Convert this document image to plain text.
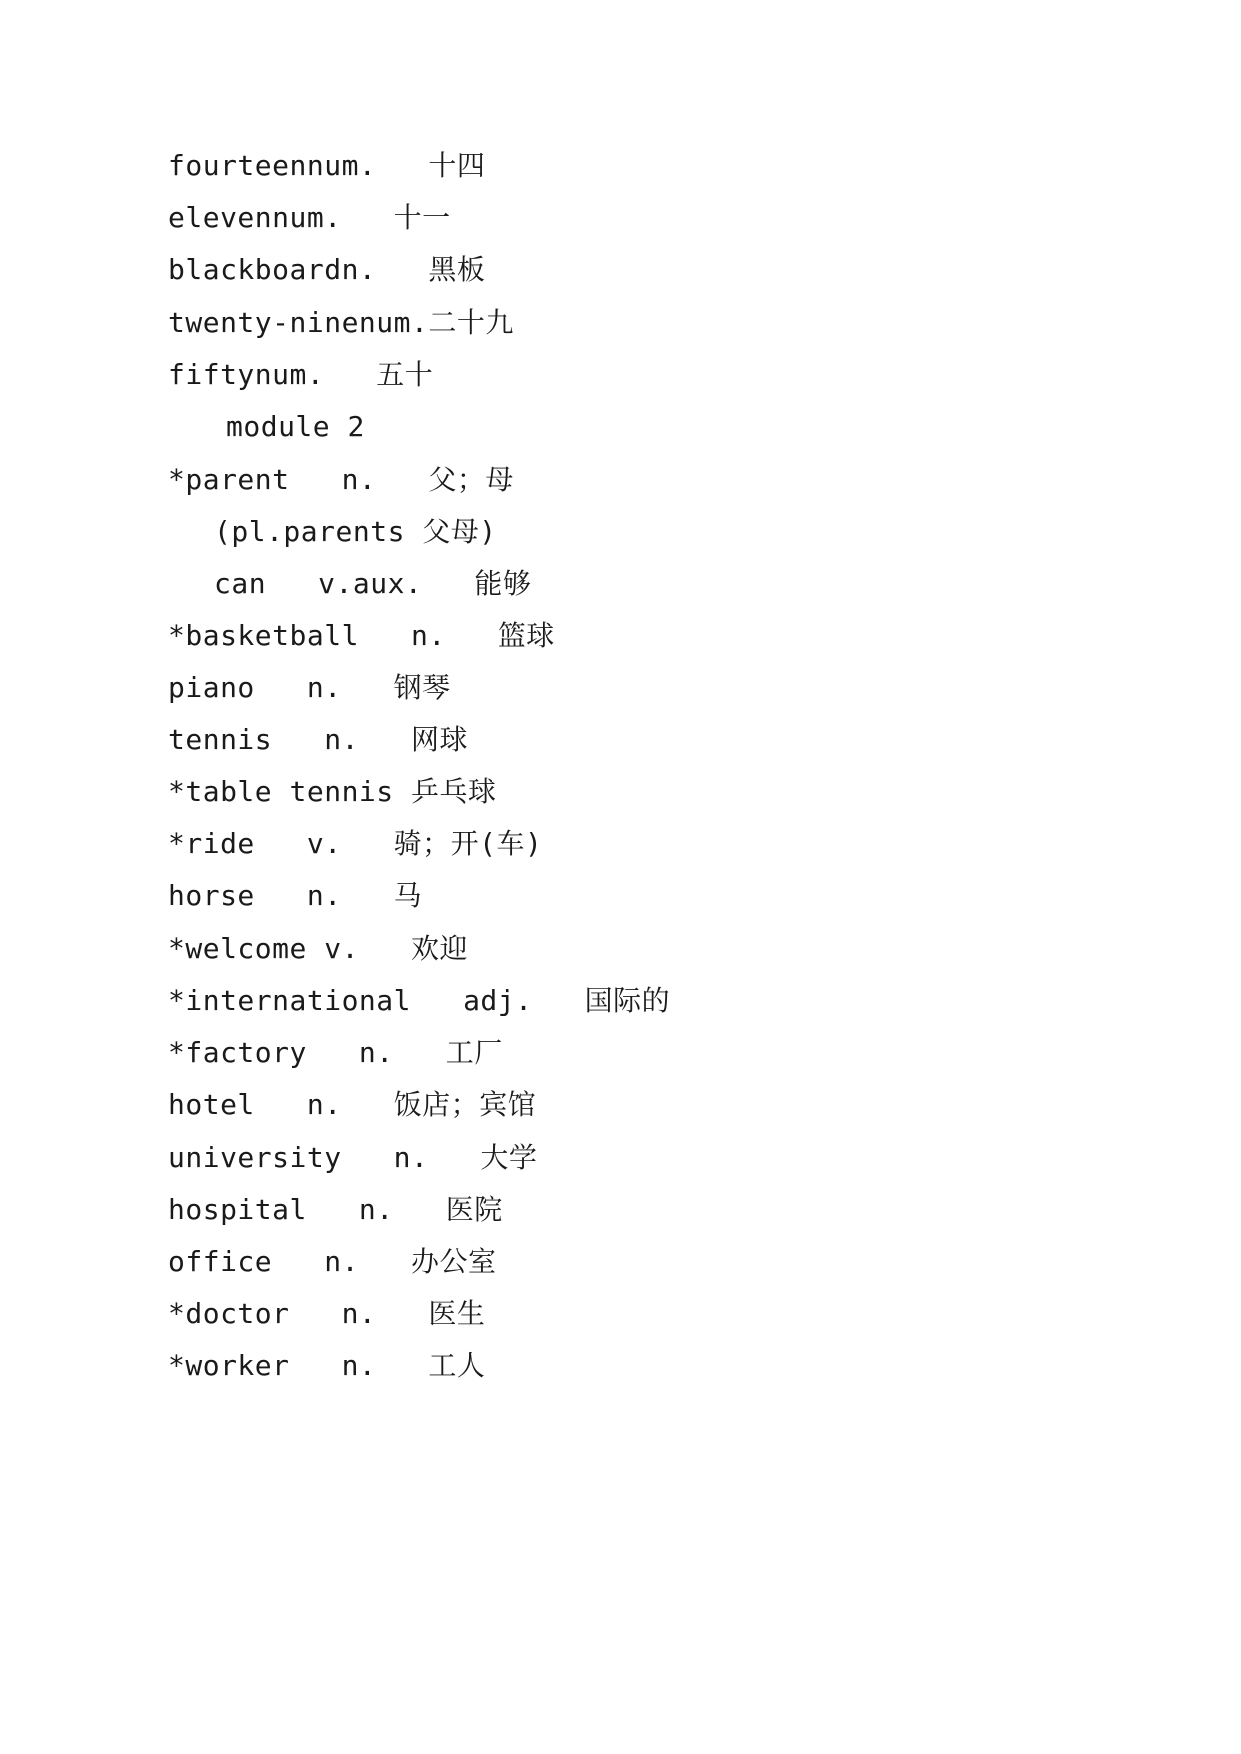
fourteennum.   十四
elevennum.   十一
blackboardn.   黑板
twenty-ninenum.二十九
fiftynum.   五十
module 2
*parent   n.   父；母
(pl.parents 父母)
can   v.aux.   能够
*basketball   n.   篮球
piano   n.   钢琴
tennis   n.   网球
*table tennis 乒乓球
*ride   v.   骑；开(车)
horse   n.   马
*welcome v.   欢迎
*international   adj.   国际的
*factory   n.   工厂
hotel   n.   饭店；宾馆
university   n.   大学
hospital   n.   医院
office   n.   办公室
*doctor   n.   医生
*worker   n.   工人
